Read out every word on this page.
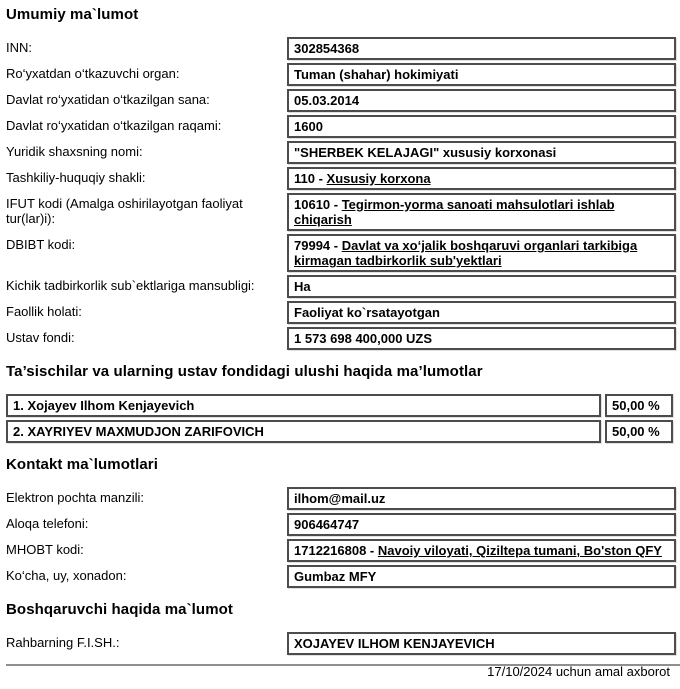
Umumiy ma`lumot
INN:	302854368
Ro‘yxatdan o‘tkazuvchi organ:	Tuman (shahar) hokimiyati
Davlat ro‘yxatidan o‘tkazilgan sana:	05.03.2014
Davlat ro‘yxatidan o‘tkazilgan raqami:	1600
Yuridik shaxsning nomi:	"SHERBEK KELAJAGI" xususiy korxonasi
Tashkiliy-huquqiy shakli:	110 - Xususiy korxona
IFUT kodi (Amalga oshirilayotgan faoliyat tur(lar)i):
10610 - Tegirmon-yorma sanoati mahsulotlari ishlab chiqarish
DBIBT kodi:	79994 - Davlat va xo‘jalik boshqaruvi organlari tarkibiga kirmagan tadbirkorlik sub'yektlari
Kichik tadbirkorlik sub`ektlariga mansubligi:	Ha
Faollik holati:	Faoliyat ko`rsatayotgan
Ustav fondi:	1 573 698 400,000 UZS
Ta’sischilar va ularning ustav fondidagi ulushi haqida ma’lumotlar
1. Xojayev Ilhom Kenjayevich	50,00 %
2. XAYRIYEV MAXMUDJON ZARIFOVICH	50,00 %
Kontakt ma`lumotlari
Elektron pochta manzili:	ilhom@mail.uz
Aloqa telefoni:	906464747
MHOBT kodi:	1712216808 - Navoiy viloyati, Qiziltepa tumani, Bo'ston QFY
Ko‘cha, uy, xonadon:	Gumbaz MFY
Boshqaruvchi haqida ma`lumot
Rahbarning F.I.SH.:	XOJAYEV ILHOM KENJAYEVICH
17/10/2024 uchun amal axborot
